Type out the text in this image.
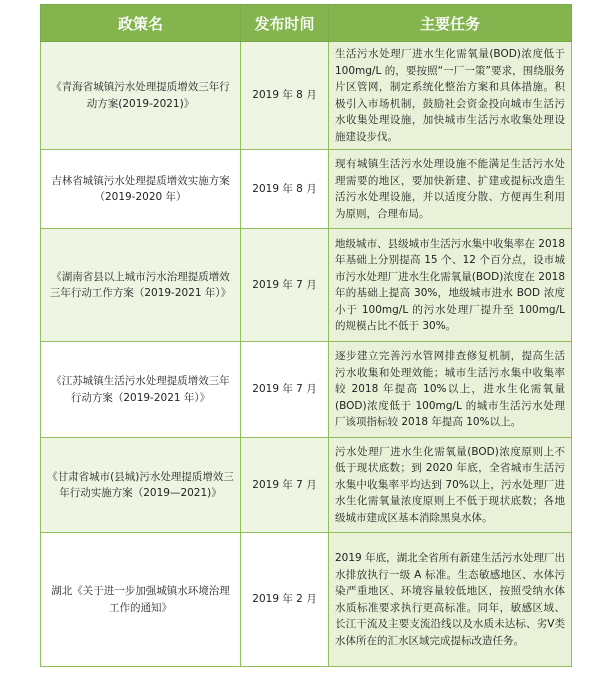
政策名	发布时间	主要任务
《青海省城镇污水处理提质增效三年行动方案(2019-2021)》	2019 年 8 月	生活污水处理厂进水生化需氧量(BOD)浓度低于 100mg/L 的，要按照“一厂一策”要求，围绕服务片区管网，制定系统化整治方案和具体措施。积极引入市场机制，鼓励社会资金投向城市生活污水收集处理设施，加快城市生活污水收集处理设施建设步伐。
吉林省城镇污水处理提质增效实施方案（2019-2020 年）	2019 年 8 月	现有城镇生活污水处理设施不能满足生活污水处理需要的地区，要加快新建、扩建或提标改造生活污水处理设施，并以适度分散、方便再生利用为原则，合理布局。
《湖南省县以上城市污水治理提质增效三年行动工作方案（2019-2021 年）》	2019 年 7 月	地级城市、县级城市生活污水集中收集率在 2018 年基础上分别提高 15 个、12 个百分点，设市城市污水处理厂进水生化需氧量(BOD)浓度在 2018 年的基础上提高 30%，地级城市进水 BOD 浓度小于 100mg/L 的污水处理厂提升至 100mg/L 的规模占比不低于 30%。
《江苏城镇生活污水处理提质增效三年行动方案（2019-2021 年）》	2019 年 7 月	逐步建立完善污水管网排查修复机制，提高生活污水收集和处理效能；城市生活污水集中收集率较 2018 年提高 10%以上，进水生化需氧量(BOD)浓度低于 100mg/L 的城市生活污水处理厂该项指标较 2018 年提高 10%以上。
《甘肃省城市(县城)污水处理提质增效三年行动实施方案（2019—2021)》	2019 年 7 月	污水处理厂进水生化需氧量(BOD)浓度原则上不低于现状底数；到 2020 年底，全省城市生活污水集中收集率平均达到 70%以上，污水处理厂进水生化需氧量浓度原则上不低于现状底数；各地级城市建成区基本消除黑臭水体。
湖北《关于进一步加强城镇水环境治理工作的通知》	2019 年 2 月	2019 年底，湖北全省所有新建生活污水处理厂出水排放执行一级 A 标准。生态敏感地区、水体污染严重地区、环境容量较低地区，按照受纳水体水质标准要求执行更高标准。同年，敏感区域、长江干流及主要支流沿线以及水质未达标、劣Ⅴ类水体所在的汇水区域完成提标改造任务。
